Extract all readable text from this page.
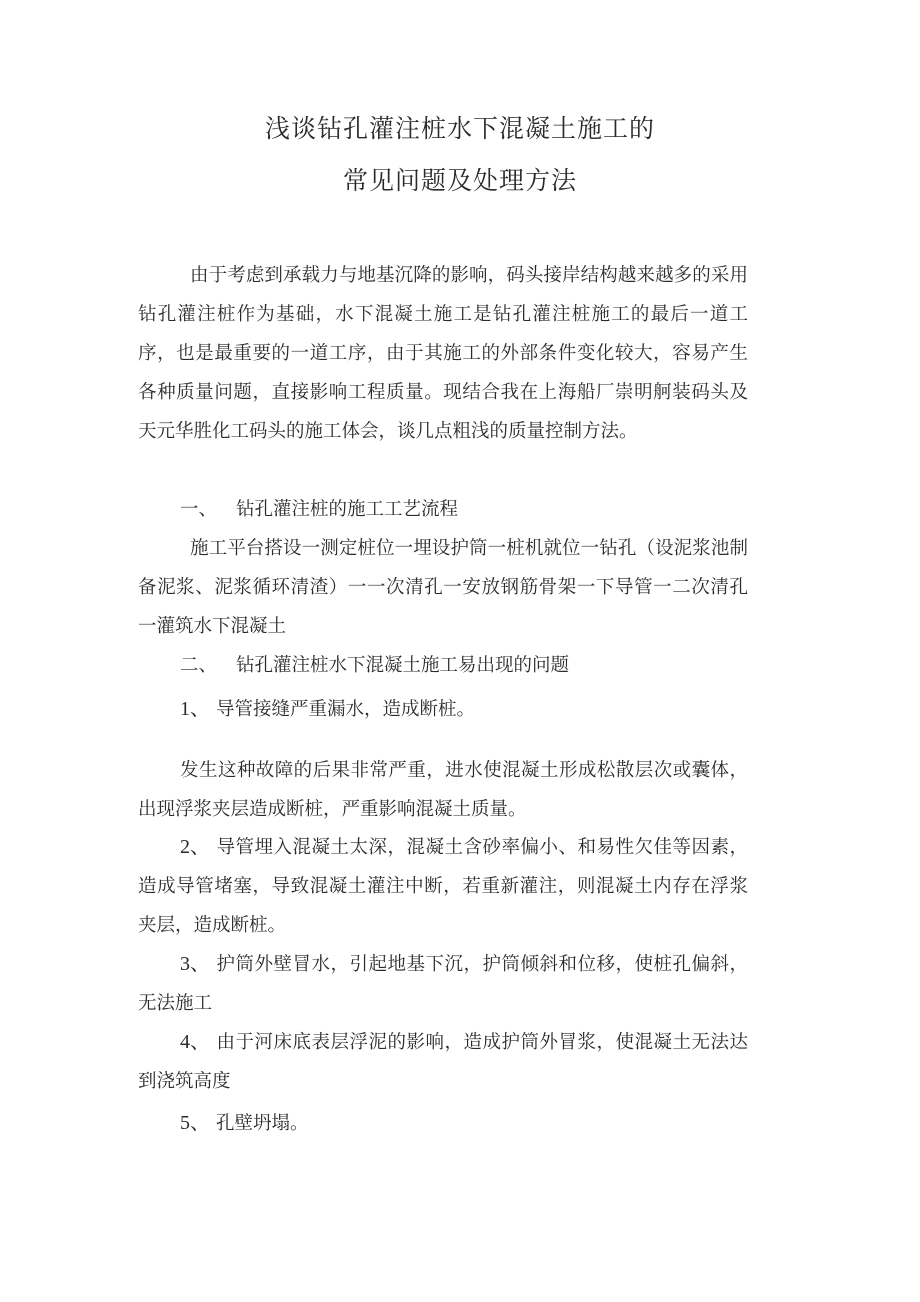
浅谈钻孔灌注桩水下混凝土施工的
常见问题及处理方法

由于考虑到承载力与地基沉降的影响，码头接岸结构越来越多的采用钻孔灌注桩作为基础，水下混凝土施工是钻孔灌注桩施工的最后一道工序，也是最重要的一道工序，由于其施工的外部条件变化较大，容易产生各种质量问题，直接影响工程质量。现结合我在上海船厂崇明舸装码头及天元华胜化工码头的施工体会，谈几点粗浅的质量控制方法。

一、 钻孔灌注桩的施工工艺流程

施工平台搭设一测定桩位一埋设护筒一桩机就位一钻孔（设泥浆池制备泥浆、泥浆循环清渣）一一次清孔一安放钢筋骨架一下导管一二次清孔一灌筑水下混凝土

二、 钻孔灌注桩水下混凝土施工易出现的问题

1、 导管接缝严重漏水，造成断桩。

发生这种故障的后果非常严重，进水使混凝土形成松散层次或囊体，出现浮浆夹层造成断桩，严重影响混凝土质量。

2、 导管埋入混凝土太深，混凝土含砂率偏小、和易性欠佳等因素，造成导管堵塞，导致混凝土灌注中断，若重新灌注，则混凝土内存在浮浆夹层，造成断桩。

3、 护筒外壁冒水，引起地基下沉，护筒倾斜和位移，使桩孔偏斜，无法施工

4、 由于河床底表层浮泥的影响，造成护筒外冒浆，使混凝土无法达到浇筑高度

5、 孔壁坍塌。
